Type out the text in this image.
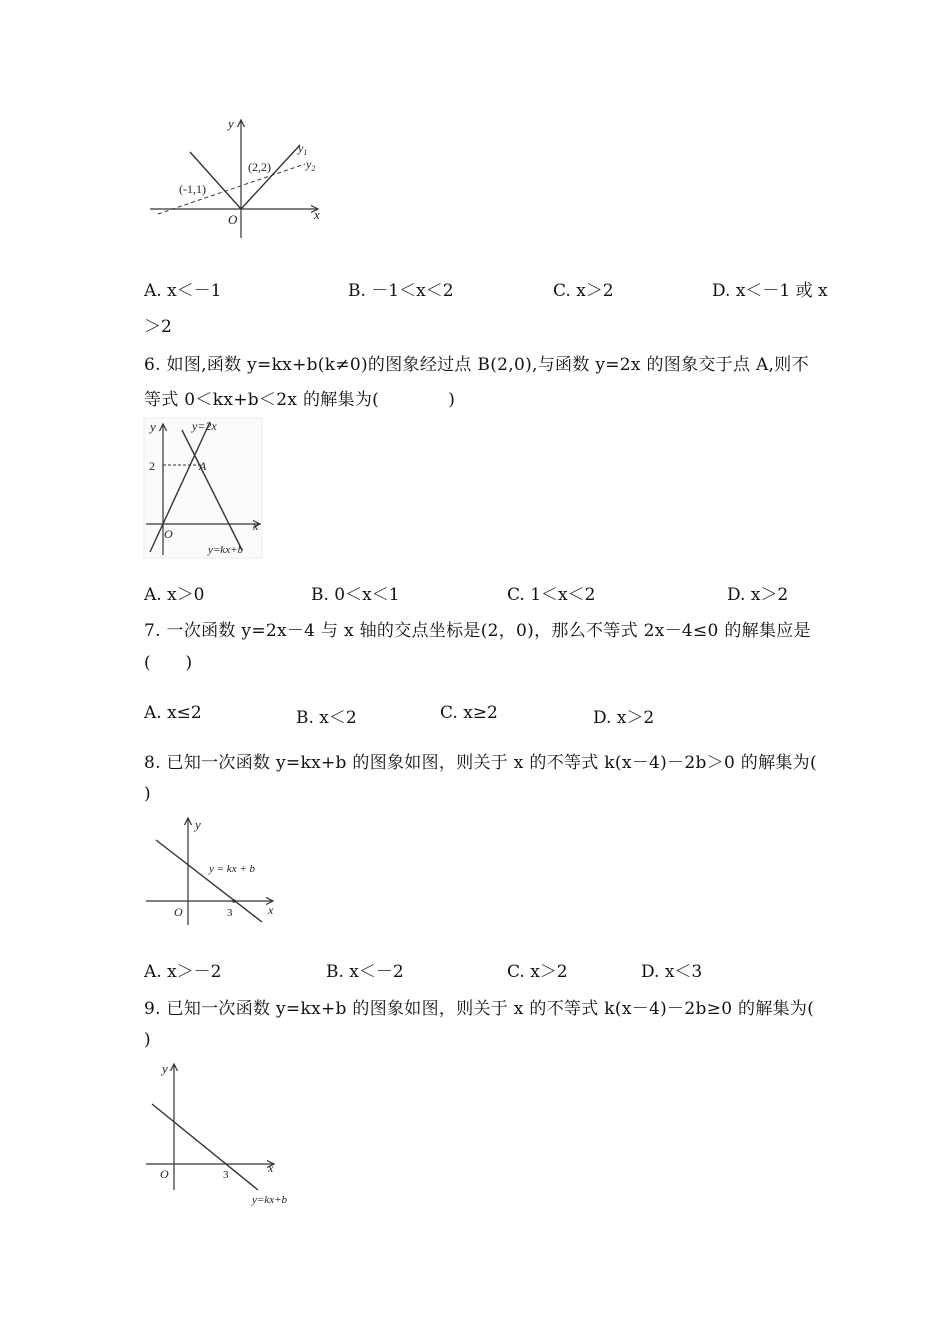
y
x
O
(2,2)
(-1,1)
$y_1$
$y_2$
A. x＜－1	B. －1＜x＜2	C. x＞2	D. x＜－1 或 x
＞2
6. 如图,函数 y=kx+b(k≠0)的图象经过点 B(2,0),与函数 y=2x 的图象交于点 A,则不
等式 0＜kx+b＜2x 的解集为(　　　　)
y	y=2x
2	A
O
x
y=kx+b
A. x＞0	B. 0＜x＜1	C. 1＜x＜2	D. x＞2
7. 一次函数 y=2x－4 与 x 轴的交点坐标是(2，0)，那么不等式 2x－4≤0 的解集应是
(　　)
A. x≤2	B. x＜2	C. x≥2	D. x＞2
8. 已知一次函数 y=kx+b 的图象如图，则关于 x 的不等式 k(x－4)－2b＞0 的解集为(
)
y
y = kx + b
O	3	x
A. x＞－2	B. x＜－2	C. x＞2	D. x＜3
9. 已知一次函数 y=kx+b 的图象如图，则关于 x 的不等式 k(x－4)－2b≥0 的解集为(
)
y
O	3	x
y=kx+b
